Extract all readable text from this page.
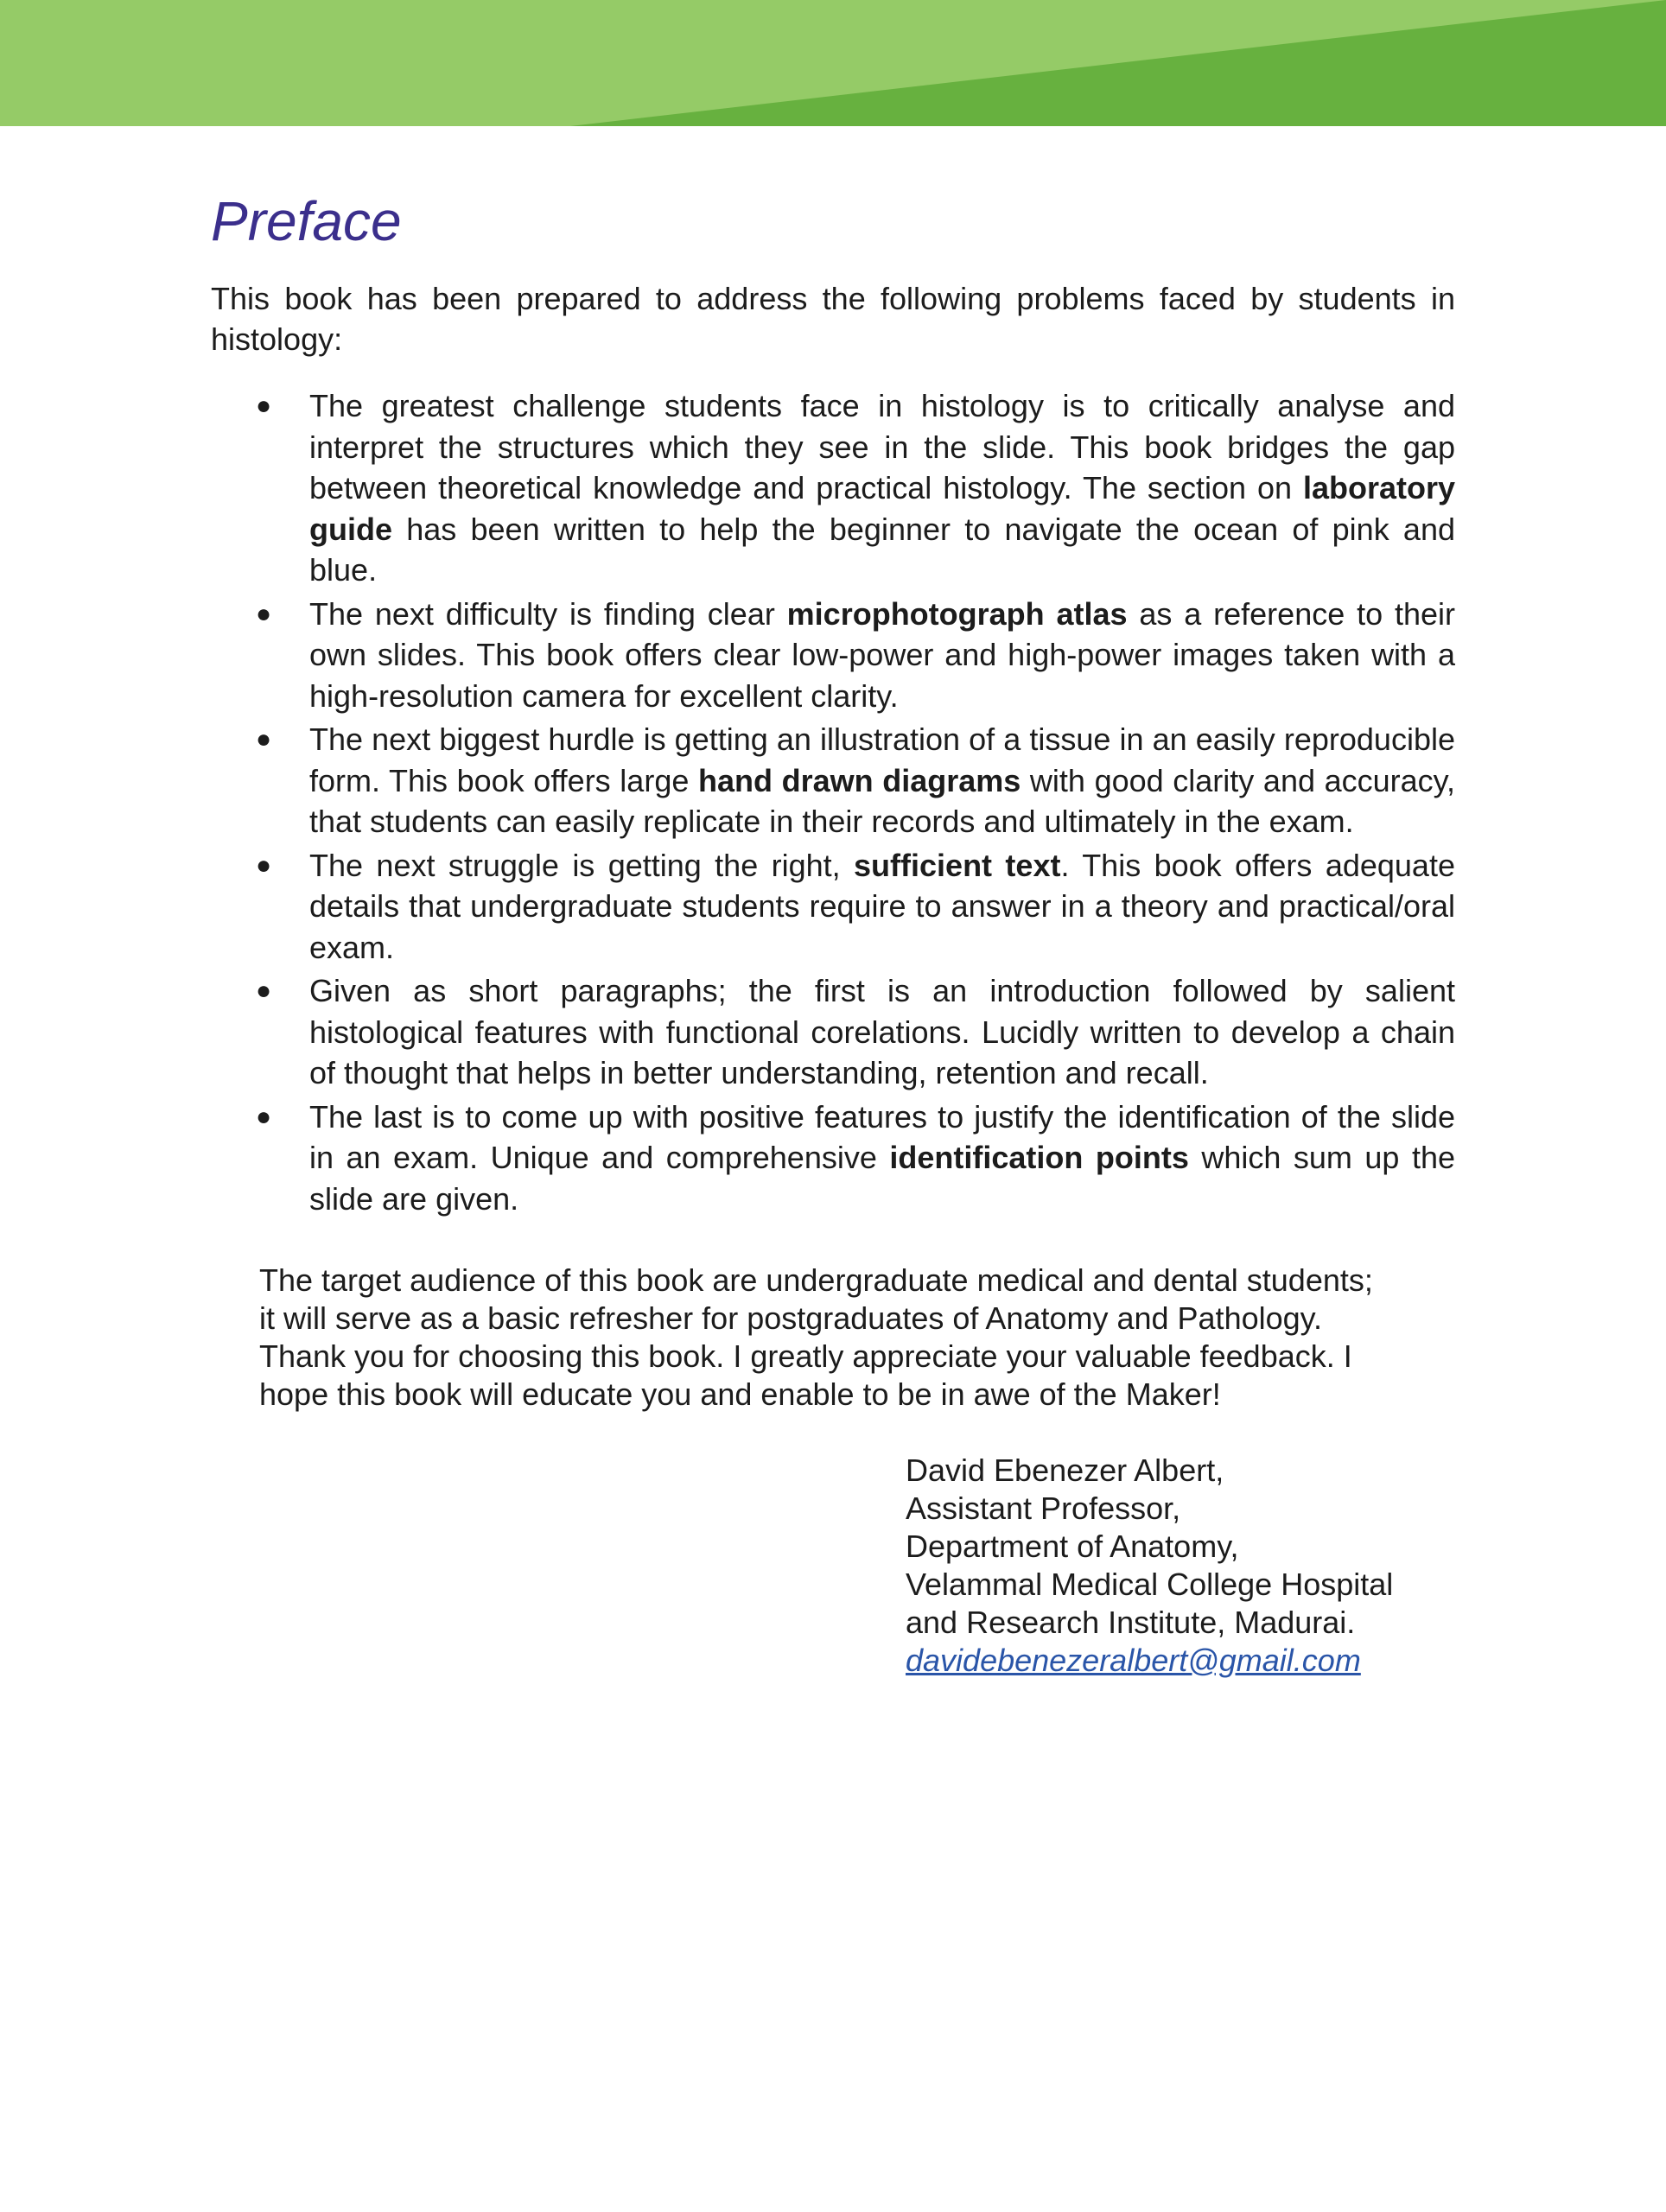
Preface

This book has been prepared to address the following problems faced by students in histology:

● The greatest challenge students face in histology is to critically analyse and interpret the structures which they see in the slide. This book bridges the gap between theoretical knowledge and practical histology. The section on laboratory guide has been written to help the beginner to navigate the ocean of pink and blue.
● The next difficulty is finding clear microphotograph atlas as a reference to their own slides. This book offers clear low-power and high-power images taken with a high-resolution camera for excellent clarity.
● The next biggest hurdle is getting an illustration of a tissue in an easily reproducible form. This book offers large hand drawn diagrams with good clarity and accuracy, that students can easily replicate in their records and ultimately in the exam.
● The next struggle is getting the right, sufficient text. This book offers adequate details that undergraduate students require to answer in a theory and practical/oral exam.
● Given as short paragraphs; the first is an introduction followed by salient histological features with functional corelations. Lucidly written to develop a chain of thought that helps in better understanding, retention and recall.
● The last is to come up with positive features to justify the identification of the slide in an exam. Unique and comprehensive identification points which sum up the slide are given.

The target audience of this book are undergraduate medical and dental students;

it will serve as a basic refresher for postgraduates of Anatomy and Pathology.

Thank you for choosing this book. I greatly appreciate your valuable feedback. I

hope this book will educate you and enable to be in awe of the Maker!

David Ebenezer Albert,
Assistant Professor,
Department of Anatomy,
Velammal Medical College Hospital
and Research Institute, Madurai.
davidebenezeralbert@gmail.com
